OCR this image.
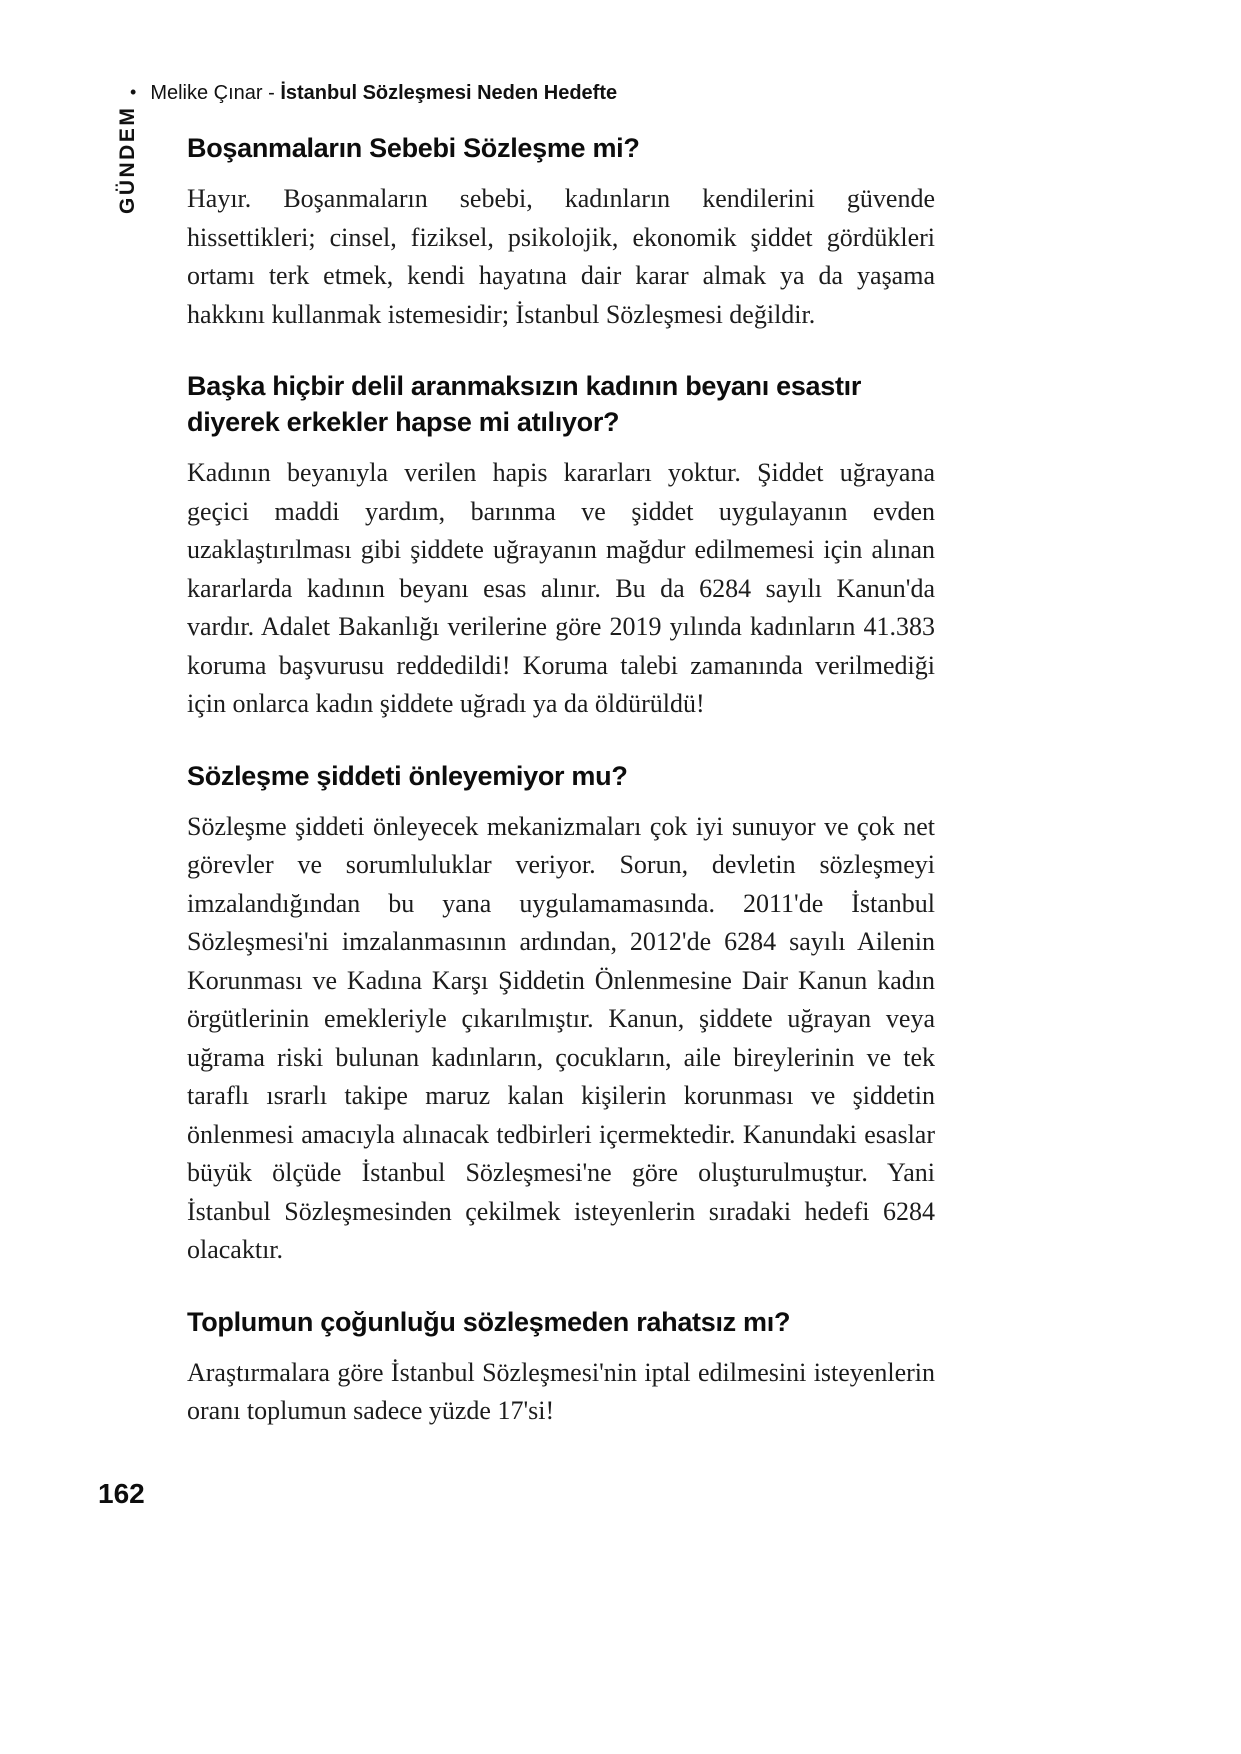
• Melike Çınar - İstanbul Sözleşmesi Neden Hedefte
GÜNDEM Boşanmaların Sebebi Sözleşme mi?

Hayır. Boşanmaların sebebi, kadınların kendilerini güvende hissettikleri; cinsel, fiziksel, psikolojik, ekonomik şiddet gördükleri ortamı terk etmek, kendi hayatına dair karar almak ya da yaşama hakkını kullanmak istemesidir; İstanbul Sözleşmesi değildir.

Başka hiçbir delil aranmaksızın kadının beyanı esastır diyerek erkekler hapse mi atılıyor?

Kadının beyanıyla verilen hapis kararları yoktur. Şiddet uğrayana geçici maddi yardım, barınma ve şiddet uygulayanın evden uzaklaştırılması gibi şiddete uğrayanın mağdur edilmemesi için alınan kararlarda kadının beyanı esas alınır. Bu da 6284 sayılı Kanun'da vardır. Adalet Bakanlığı verilerine göre 2019 yılında kadınların 41.383 koruma başvurusu reddedildi! Koruma talebi zamanında verilmediği için onlarca kadın şiddete uğradı ya da öldürüldü!

Sözleşme şiddeti önleyemiyor mu?

Sözleşme şiddeti önleyecek mekanizmaları çok iyi sunuyor ve çok net görevler ve sorumluluklar veriyor. Sorun, devletin sözleşmeyi imzalandığından bu yana uygulamamasında. 2011'de İstanbul Sözleşmesi'ni imzalanmasının ardından, 2012'de 6284 sayılı Ailenin Korunması ve Kadına Karşı Şiddetin Önlenmesine Dair Kanun kadın örgütlerinin emekleriyle çıkarılmıştır. Kanun, şiddete uğrayan veya uğrama riski bulunan kadınların, çocukların, aile bireylerinin ve tek taraflı ısrarlı takipe maruz kalan kişilerin korunması ve şiddetin önlenmesi amacıyla alınacak tedbirleri içermektedir. Kanundaki esaslar büyük ölçüde İstanbul Sözleşmesi'ne göre oluşturulmuştur. Yani İstanbul Sözleşmesinden çekilmek isteyenlerin sıradaki hedefi 6284 olacaktır.

Toplumun çoğunluğu sözleşmeden rahatsız mı?

Araştırmalara göre İstanbul Sözleşmesi'nin iptal edilmesini isteyenlerin oranı toplumun sadece yüzde 17'si!

162
